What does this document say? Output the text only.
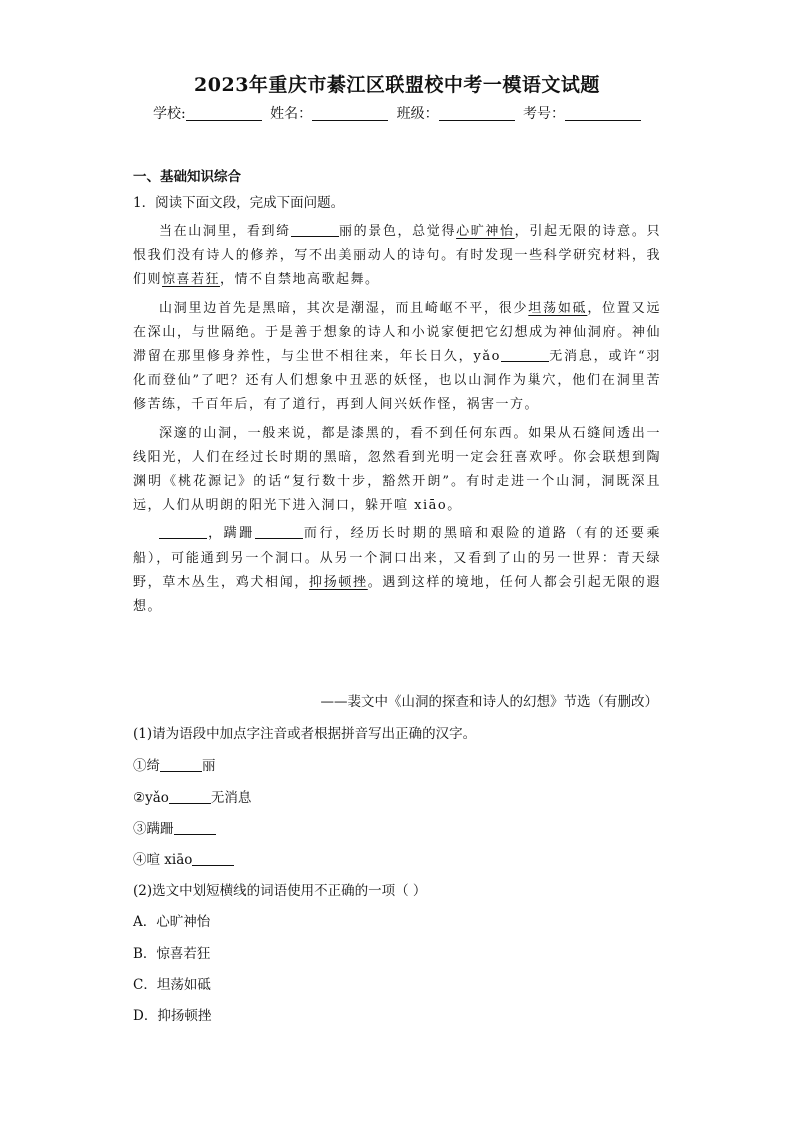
2023年重庆市綦江区联盟校中考一模语文试题
学校:	姓名：	班级：	考号：
一、基础知识综合
1．阅读下面文段，完成下面问题。

当在山洞里，看到绮	丽的景色，总觉得心旷神怡，引起无限的诗意。只恨我们没有诗人的修养，写不出美丽动人的诗句。有时发现一些科学研究材料，我们则惊喜若狂，情不自禁地高歌起舞。

山洞里边首先是黑暗，其次是潮湿，而且崎岖不平，很少坦荡如砥，位置又远在深山，与世隔绝。于是善于想象的诗人和小说家便把它幻想成为神仙洞府。神仙滞留在那里修身养性，与尘世不相往来，年长日久，yǎo	无消息，或许“羽化而登仙”了吧？还有人们想象中丑恶的妖怪，也以山洞作为巢穴，他们在洞里苦修苦练，千百年后，有了道行，再到人间兴妖作怪，祸害一方。

深邃的山洞，一般来说，都是漆黑的，看不到任何东西。如果从石缝间透出一线阳光，人们在经过长时期的黑暗，忽然看到光明一定会狂喜欢呼。你会联想到陶渊明《桃花源记》的话“复行数十步，豁然开朗”。有时走进一个山洞，洞既深且远，人们从明朗的阳光下进入洞口，躲开喧 xiāo。

，蹒跚	而行，经历长时期的黑暗和艰险的道路（有的还要乘船），可能通到另一个洞口。从另一个洞口出来，又看到了山的另一世界：青天绿野，草木丛生，鸡犬相闻，抑扬顿挫。遇到这样的境地，任何人都会引起无限的遐想。

——裴文中《山洞的探查和诗人的幻想》节选（有删改）
(1)请为语段中加点字注音或者根据拼音写出正确的汉字。
①绮	丽
②yǎo	无消息
③蹒跚
④喧 xiāo
(2)选文中划短横线的词语使用不正确的一项（ ）
A．心旷神怡
B．惊喜若狂
C．坦荡如砥
D．抑扬顿挫
